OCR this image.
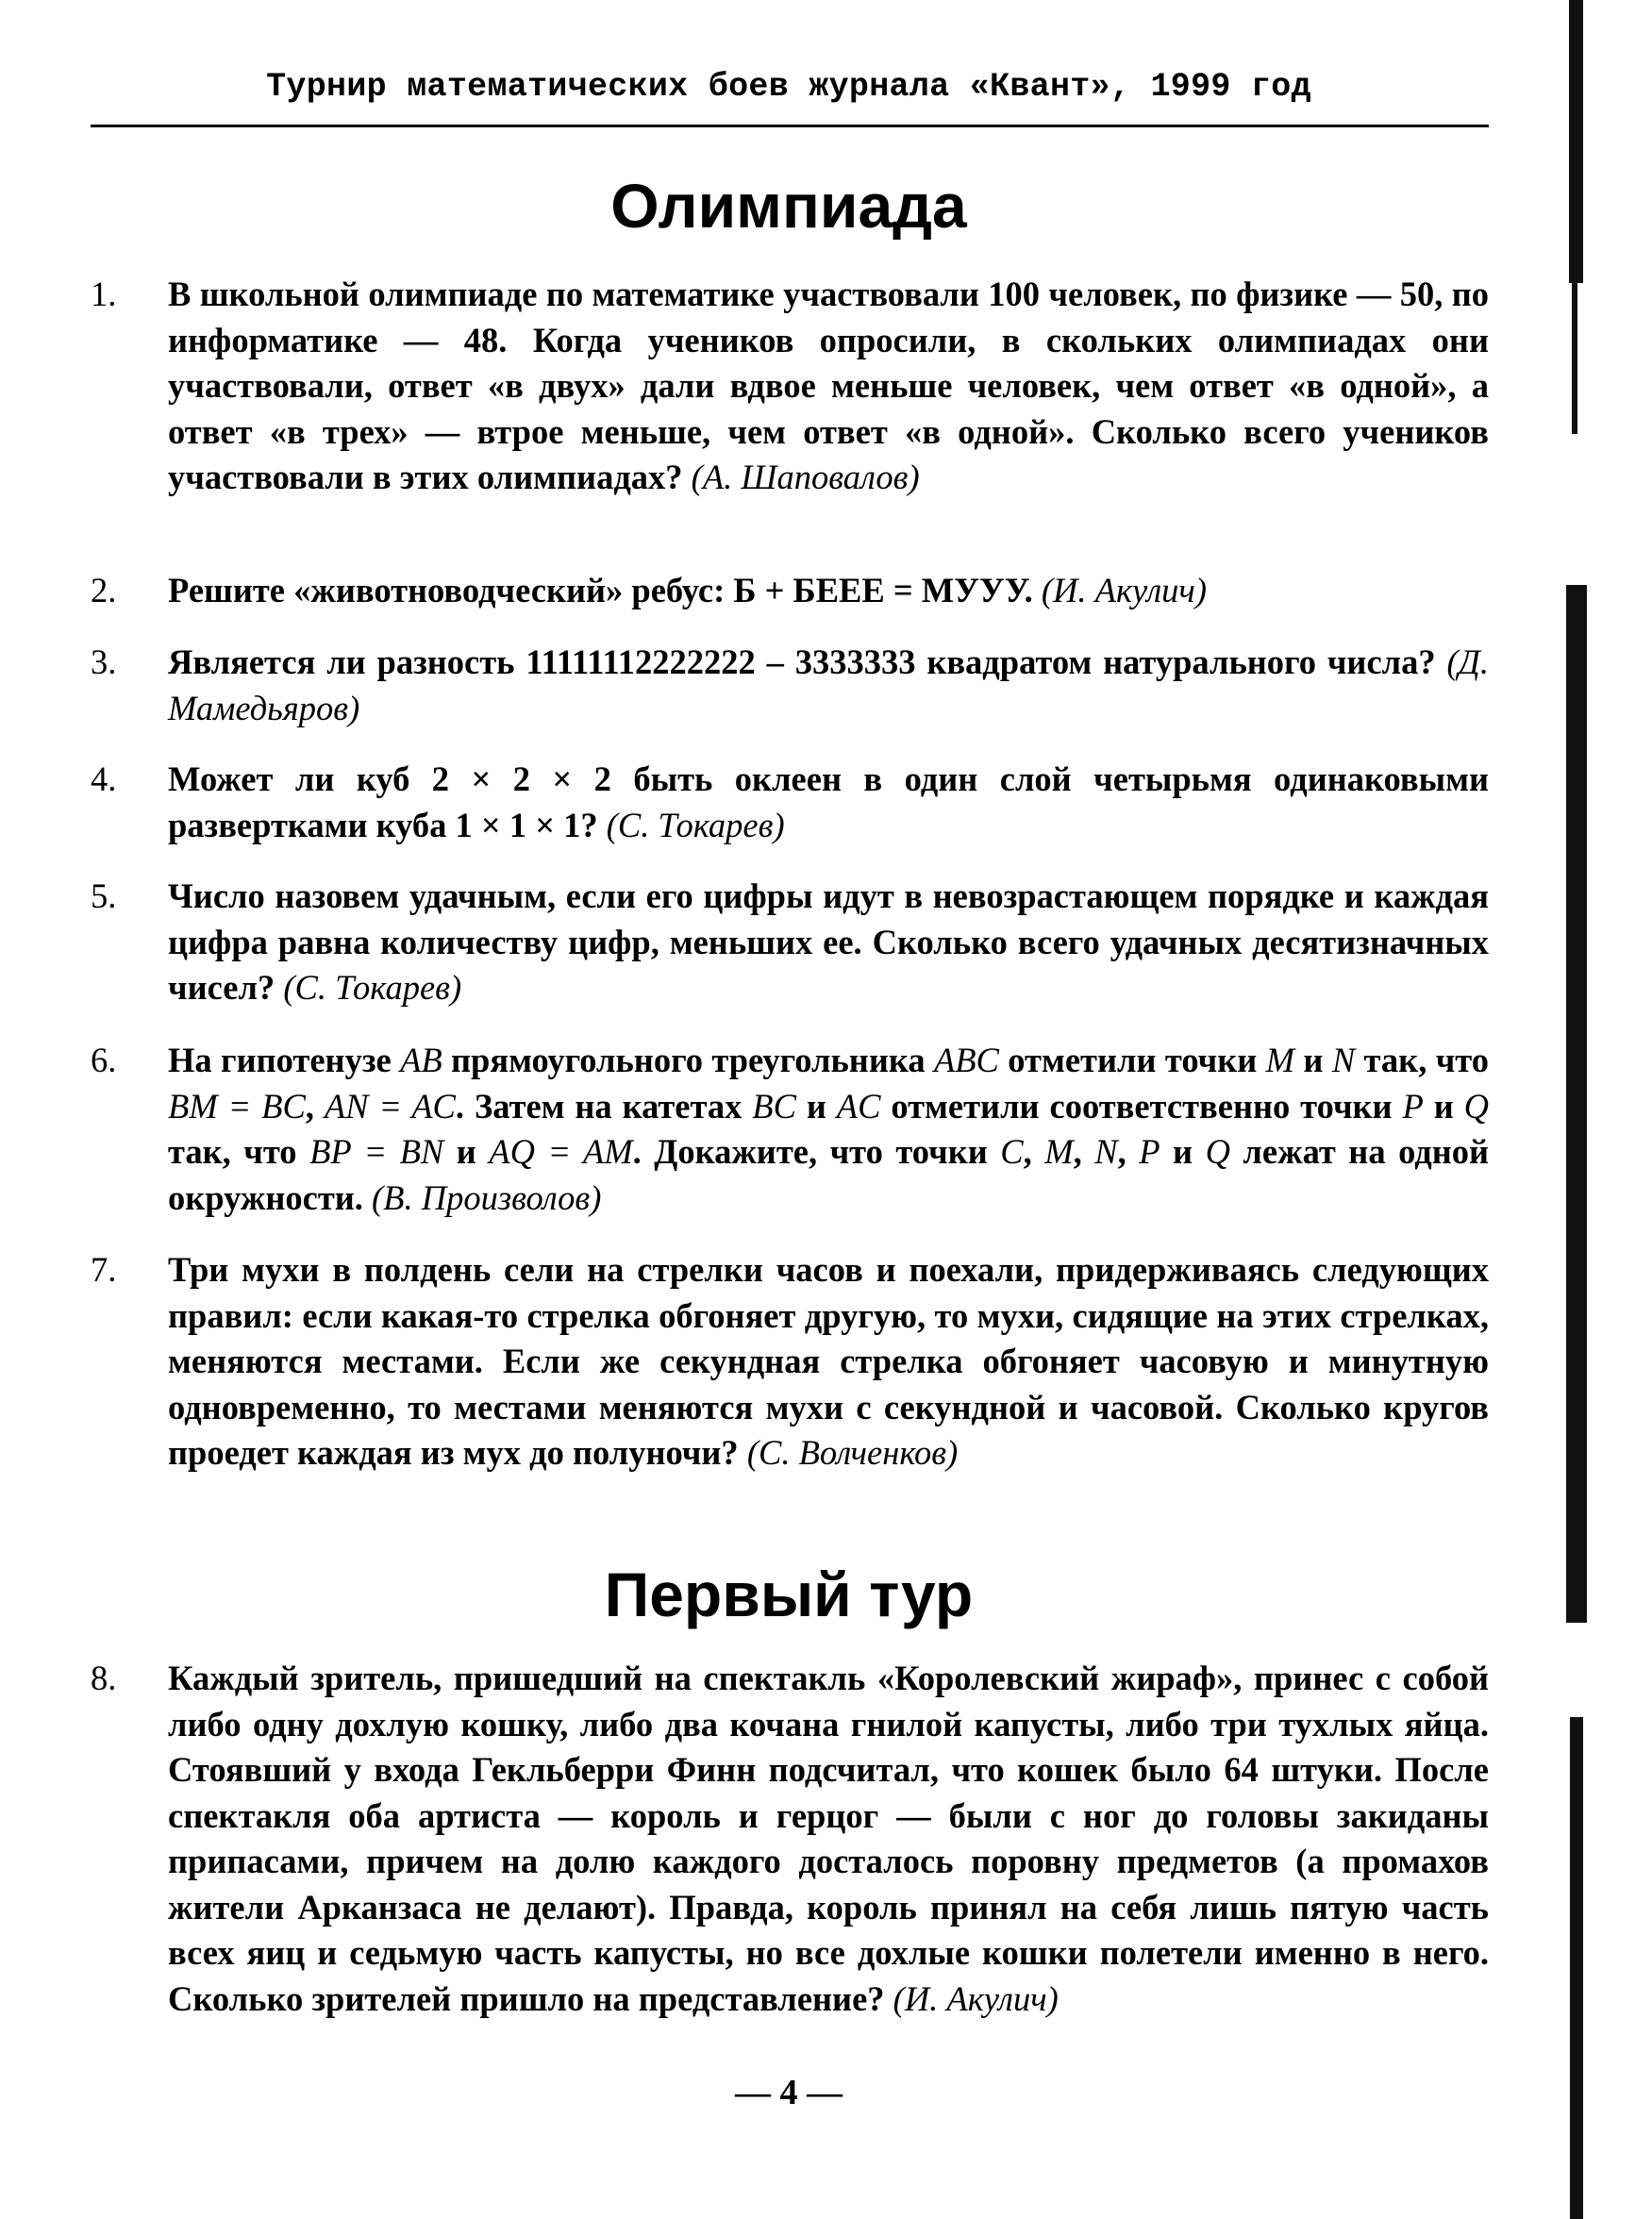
Турнир математических боев журнала «Квант», 1999 год
Олимпиада
1.	В школьной олимпиаде по математике участвовали 100 человек, по физике — 50, по информатике — 48. Когда учеников опросили, в скольких олимпиадах они участвовали, ответ «в двух» дали вдвое меньше человек, чем ответ «в одной», а ответ «в трех» — втрое меньше, чем ответ «в одной». Сколько всего учеников участвовали в этих олимпиадах? (А. Шаповалов)
2.	Решите «животноводческий» ребус: Б + БЕЕЕ = МУУУ. (И. Акулич)
3.	Является ли разность 11111112222222 – 3333333 квадратом натурального числа? (Д. Мамедьяров)
4.	Может ли куб 2 × 2 × 2 быть оклеен в один слой четырьмя одинаковыми развертками куба 1 × 1 × 1? (С. Токарев)
5.	Число назовем удачным, если его цифры идут в невозрастающем порядке и каждая цифра равна количеству цифр, меньших ее. Сколько всего удачных десятизначных чисел? (С. Токарев)
6.	На гипотенузе AB прямоугольного треугольника ABC отметили точки M и N так, что BM = BC, AN = AC. Затем на катетах BC и AC отметили соответственно точки P и Q так, что BP = BN и AQ = AM. Докажите, что точки C, M, N, P и Q лежат на одной окружности. (В. Произволов)
7.	Три мухи в полдень сели на стрелки часов и поехали, придерживаясь следующих правил: если какая-то стрелка обгоняет другую, то мухи, сидящие на этих стрелках, меняются местами. Если же секундная стрелка обгоняет часовую и минутную одновременно, то местами меняются мухи с секундной и часовой. Сколько кругов проедет каждая из мух до полуночи? (С. Волченков)
Первый тур
8.	Каждый зритель, пришедший на спектакль «Королевский жираф», принес с собой либо одну дохлую кошку, либо два кочана гнилой капусты, либо три тухлых яйца. Стоявший у входа Гекльберри Финн подсчитал, что кошек было 64 штуки. После спектакля оба артиста — король и герцог — были с ног до головы закиданы припасами, причем на долю каждого досталось поровну предметов (а промахов жители Арканзаса не делают). Правда, король принял на себя лишь пятую часть всех яиц и седьмую часть капусты, но все дохлые кошки полетели именно в него. Сколько зрителей пришло на представление? (И. Акулич)
— 4 —
